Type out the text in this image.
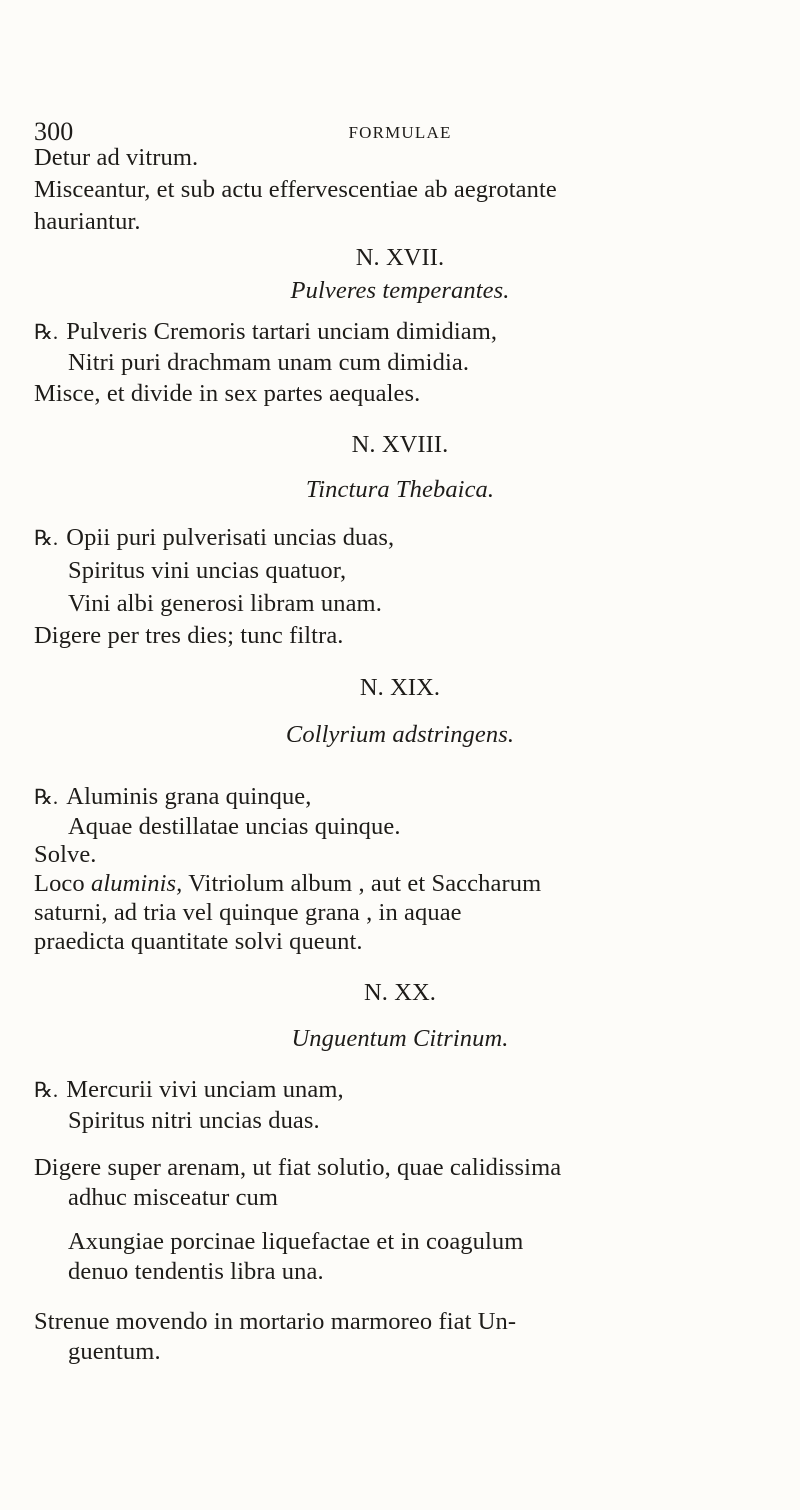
300	FORMULAE
Detur ad vitrum.
Misceantur, et sub actu effervescentiae ab aegrotante
hauriantur.
N. XVII.
Pulveres temperantes.
℞. Pulveris Cremoris tartari unciam dimidiam,
Nitri puri drachmam unam cum dimidia.
Misce, et divide in sex partes aequales.
N. XVIII.
Tinctura Thebaica.
℞. Opii puri pulverisati uncias duas,
Spiritus vini uncias quatuor,
Vini albi generosi libram unam.
Digere per tres dies; tunc filtra.
N. XIX.
Collyrium adstringens.
℞. Aluminis grana quinque,
Aquae destillatae uncias quinque.
Solve.
Loco aluminis, Vitriolum album , aut et Saccharum
saturni, ad tria vel quinque grana , in aquae
praedicta quantitate solvi queunt.
N. XX.
Unguentum Citrinum.
℞. Mercurii vivi unciam unam,
Spiritus nitri uncias duas.
Digere super arenam, ut fiat solutio, quae calidissima
adhuc misceatur cum
Axungiae porcinae liquefactae et in coagulum
denuo tendentis libra una.
Strenue movendo in mortario marmoreo fiat Un-
guentum.
